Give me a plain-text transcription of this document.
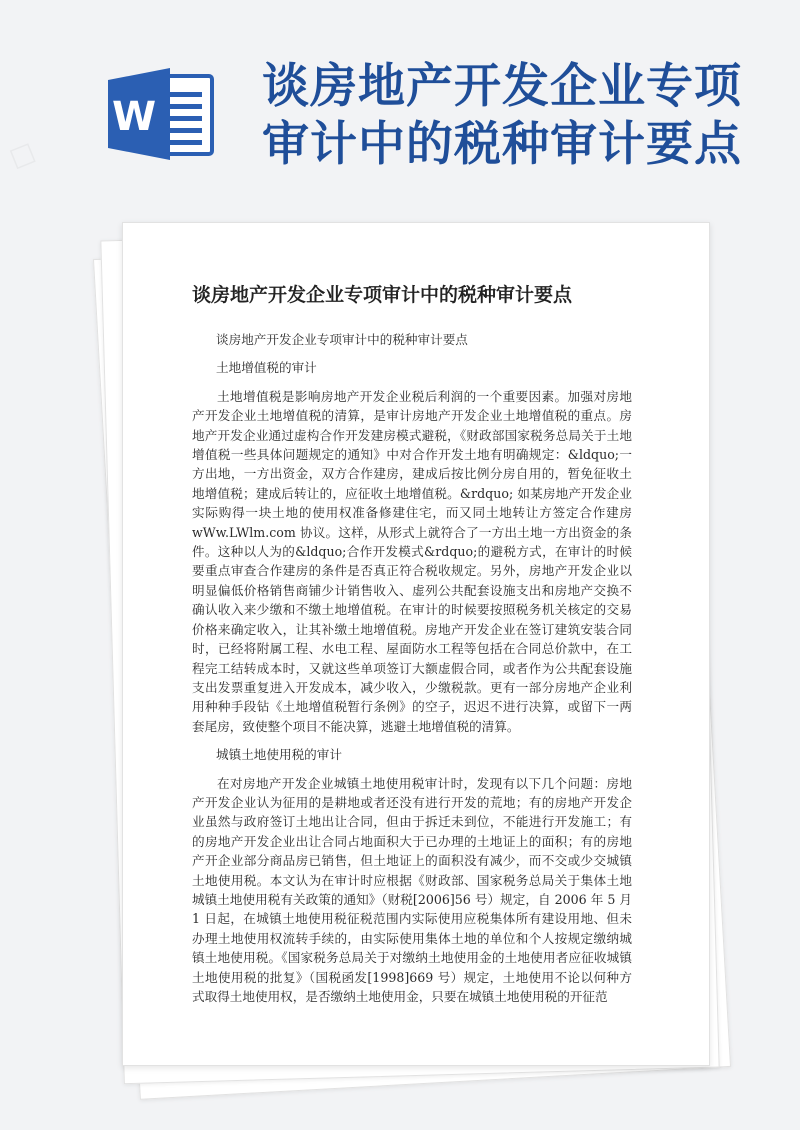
W
谈房地产开发企业专项审计中的税种审计要点
□
谈房地产开发企业专项审计中的税种审计要点

谈房地产开发企业专项审计中的税种审计要点

土地增值税的审计

土地增值税是影响房地产开发企业税后利润的一个重要因素。加强对房地产开发企业土地增值税的清算，是审计房地产开发企业土地增值税的重点。房地产开发企业通过虚构合作开发建房模式避税，《财政部国家税务总局关于土地增值税一些具体问题规定的通知》中对合作开发土地有明确规定：&ldquo;一方出地，一方出资金，双方合作建房，建成后按比例分房自用的，暂免征收土地增值税；建成后转让的，应征收土地增值税。&rdquo; 如某房地产开发企业实际购得一块土地的使用权准备修建住宅，而又同土地转让方签定合作建房 wWw.LWlm.com 协议。这样，从形式上就符合了一方出土地一方出资金的条件。这种以人为的&ldquo;合作开发模式&rdquo;的避税方式，在审计的时候要重点审查合作建房的条件是否真正符合税收规定。另外，房地产开发企业以明显偏低价格销售商铺少计销售收入、虚列公共配套设施支出和房地产交换不确认收入来少缴和不缴土地增值税。在审计的时候要按照税务机关核定的交易价格来确定收入，让其补缴土地增值税。房地产开发企业在签订建筑安装合同时，已经将附属工程、水电工程、屋面防水工程等包括在合同总价款中，在工程完工结转成本时，又就这些单项签订大额虚假合同，或者作为公共配套设施支出发票重复进入开发成本，减少收入，少缴税款。更有一部分房地产企业利用种种手段钻《土地增值税暂行条例》的空子，迟迟不进行决算，或留下一两套尾房，致使整个项目不能决算，逃避土地增值税的清算。

城镇土地使用税的审计

在对房地产开发企业城镇土地使用税审计时，发现有以下几个问题：房地产开发企业认为征用的是耕地或者还没有进行开发的荒地；有的房地产开发企业虽然与政府签订土地出让合同，但由于拆迁未到位，不能进行开发施工；有的房地产开发企业出让合同占地面积大于已办理的土地证上的面积；有的房地产开企业部分商品房已销售，但土地证上的面积没有减少，而不交或少交城镇土地使用税。本文认为在审计时应根据《财政部、国家税务总局关于集体土地城镇土地使用税有关政策的通知》（财税[2006]56 号）规定，自 2006 年 5 月 1 日起，在城镇土地使用税征税范围内实际使用应税集体所有建设用地、但未办理土地使用权流转手续的，由实际使用集体土地的单位和个人按规定缴纳城镇土地使用税。《国家税务总局关于对缴纳土地使用金的土地使用者应征收城镇土地使用税的批复》（国税函发[1998]669 号）规定，土地使用不论以何种方式取得土地使用权，是否缴纳土地使用金，只要在城镇土地使用税的开征范
